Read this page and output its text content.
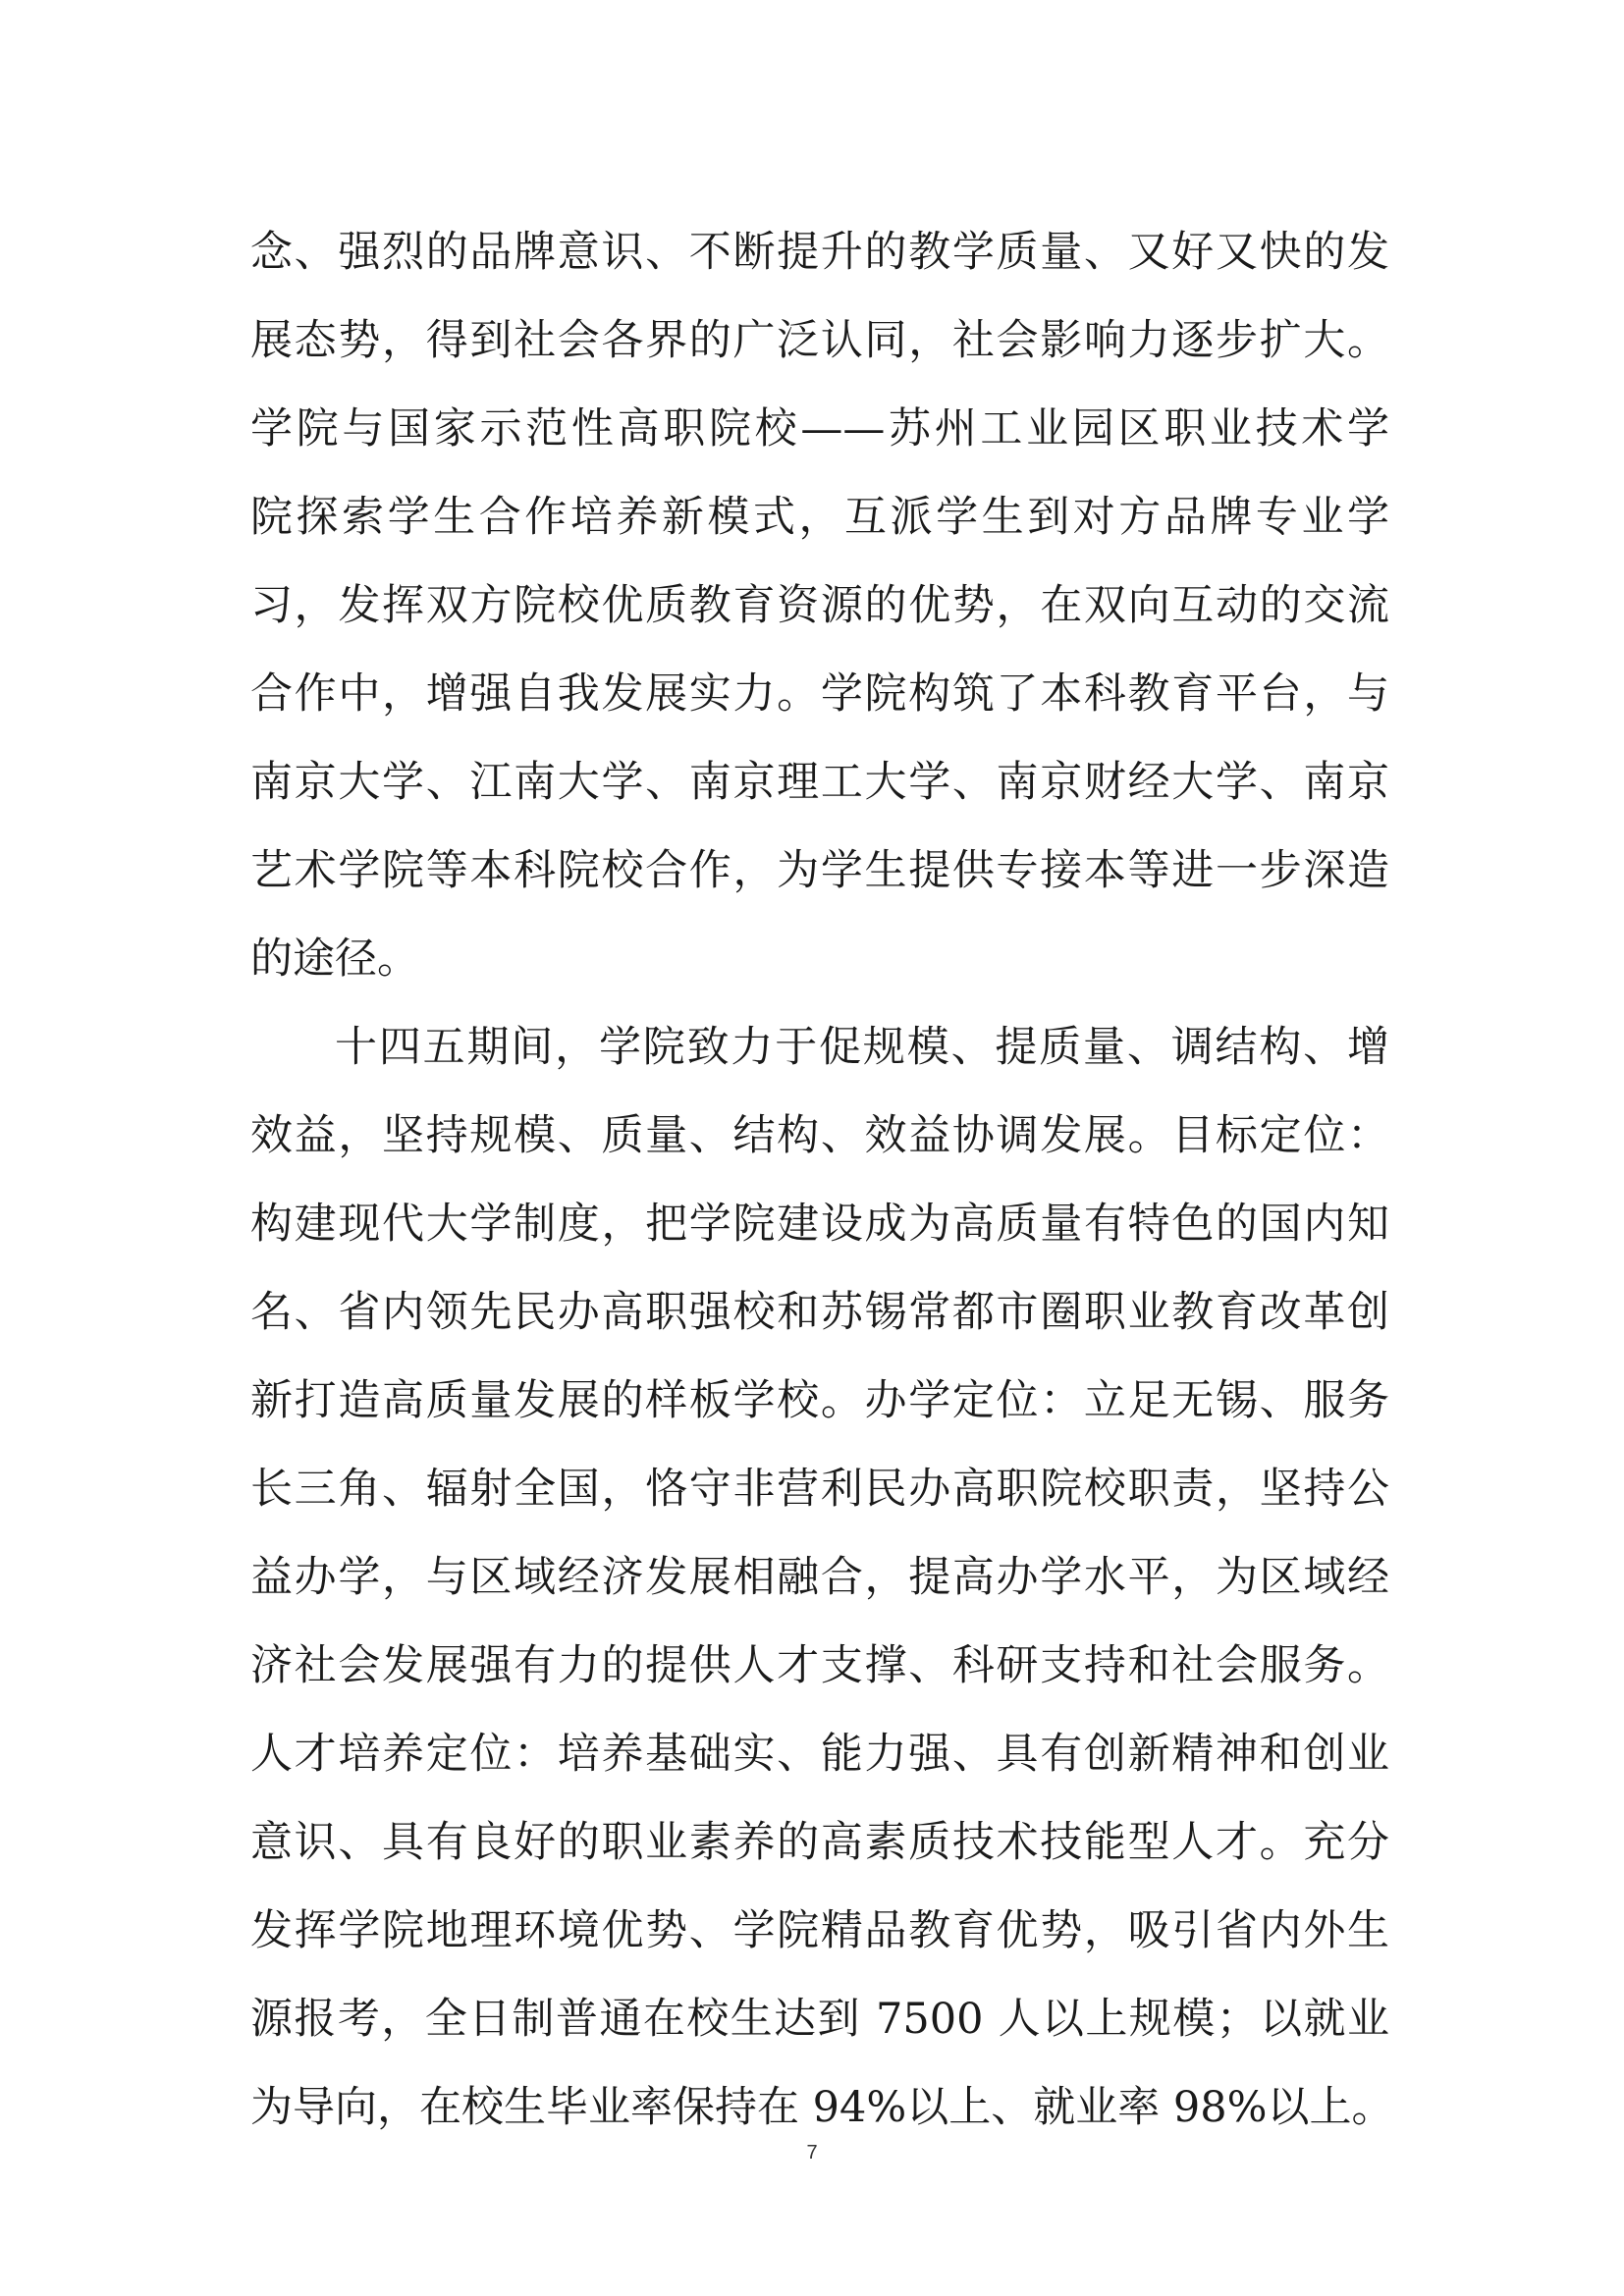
念、强烈的品牌意识、不断提升的教学质量、又好又快的发
展态势，得到社会各界的广泛认同，社会影响力逐步扩大。
学院与国家示范性高职院校——苏州工业园区职业技术学
院探索学生合作培养新模式，互派学生到对方品牌专业学
习，发挥双方院校优质教育资源的优势，在双向互动的交流
合作中，增强自我发展实力。学院构筑了本科教育平台，与
南京大学、江南大学、南京理工大学、南京财经大学、南京
艺术学院等本科院校合作，为学生提供专接本等进一步深造
的途径。
十四五期间，学院致力于促规模、提质量、调结构、增
效益，坚持规模、质量、结构、效益协调发展。目标定位：
构建现代大学制度，把学院建设成为高质量有特色的国内知
名、省内领先民办高职强校和苏锡常都市圈职业教育改革创
新打造高质量发展的样板学校。办学定位：立足无锡、服务
长三角、辐射全国，恪守非营利民办高职院校职责，坚持公
益办学，与区域经济发展相融合，提高办学水平，为区域经
济社会发展强有力的提供人才支撑、科研支持和社会服务。
人才培养定位：培养基础实、能力强、具有创新精神和创业
意识、具有良好的职业素养的高素质技术技能型人才。充分
发挥学院地理环境优势、学院精品教育优势，吸引省内外生
源报考，全日制普通在校生达到 7500 人以上规模；以就业
为导向，在校生毕业率保持在 94%以上、就业率 98%以上。
7
